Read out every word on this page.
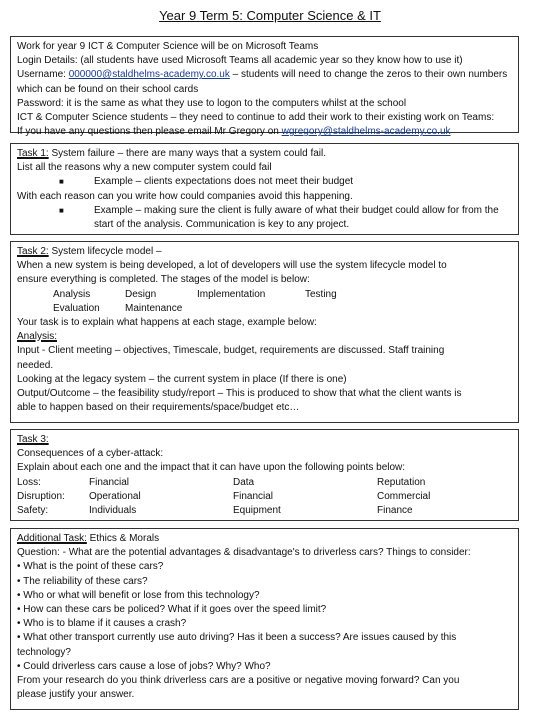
Year 9 Term 5: Computer Science & IT
Work for year 9 ICT & Computer Science will be on Microsoft Teams
Login Details: (all students have used Microsoft Teams all academic year so they know how to use it)
Username: 000000@staldhelms-academy.co.uk – students will need to change the zeros to their own numbers
which can be found on their school cards
Password: it is the same as what they use to logon to the computers whilst at the school
ICT & Computer Science students – they need to continue to add their work to their existing work on Teams:
If you have any questions then please email Mr Gregory on wgregory@staldhelms-academy.co.uk
Task 1: System failure – there are many ways that a system could fail.
List all the reasons why a new computer system could fail
■	Example – clients expectations does not meet their budget
With each reason can you write how could companies avoid this happening.
■	Example – making sure the client is fully aware of what their budget could allow for from the start of the analysis. Communication is key to any project.
Task 2: System lifecycle model –
When a new system is being developed, a lot of developers will use the system lifecycle model to
ensure everything is completed. The stages of the model is below:
Analysis	Design	Implementation	Testing
Evaluation	Maintenance
Your task is to explain what happens at each stage, example below:
Analysis:
Input - Client meeting – objectives, Timescale, budget, requirements are discussed. Staff training
needed.
Looking at the legacy system – the current system in place (If there is one)
Output/Outcome – the feasibility study/report – This is produced to show that what the client wants is
able to happen based on their requirements/space/budget etc…
Task 3:
Consequences of a cyber-attack:
Explain about each one and the impact that it can have upon the following points below:
Loss:	Financial	Data	Reputation
Disruption:	Operational	Financial	Commercial
Safety:	Individuals	Equipment	Finance
Additional Task: Ethics & Morals
Question: - What are the potential advantages & disadvantage's to driverless cars? Things to consider:
• What is the point of these cars?
• The reliability of these cars?
• Who or what will benefit or lose from this technology?
• How can these cars be policed? What if it goes over the speed limit?
• Who is to blame if it causes a crash?
• What other transport currently use auto driving? Has it been a success? Are issues caused by this
technology?
• Could driverless cars cause a lose of jobs? Why? Who?
From your research do you think driverless cars are a positive or negative moving forward? Can you
please justify your answer.
